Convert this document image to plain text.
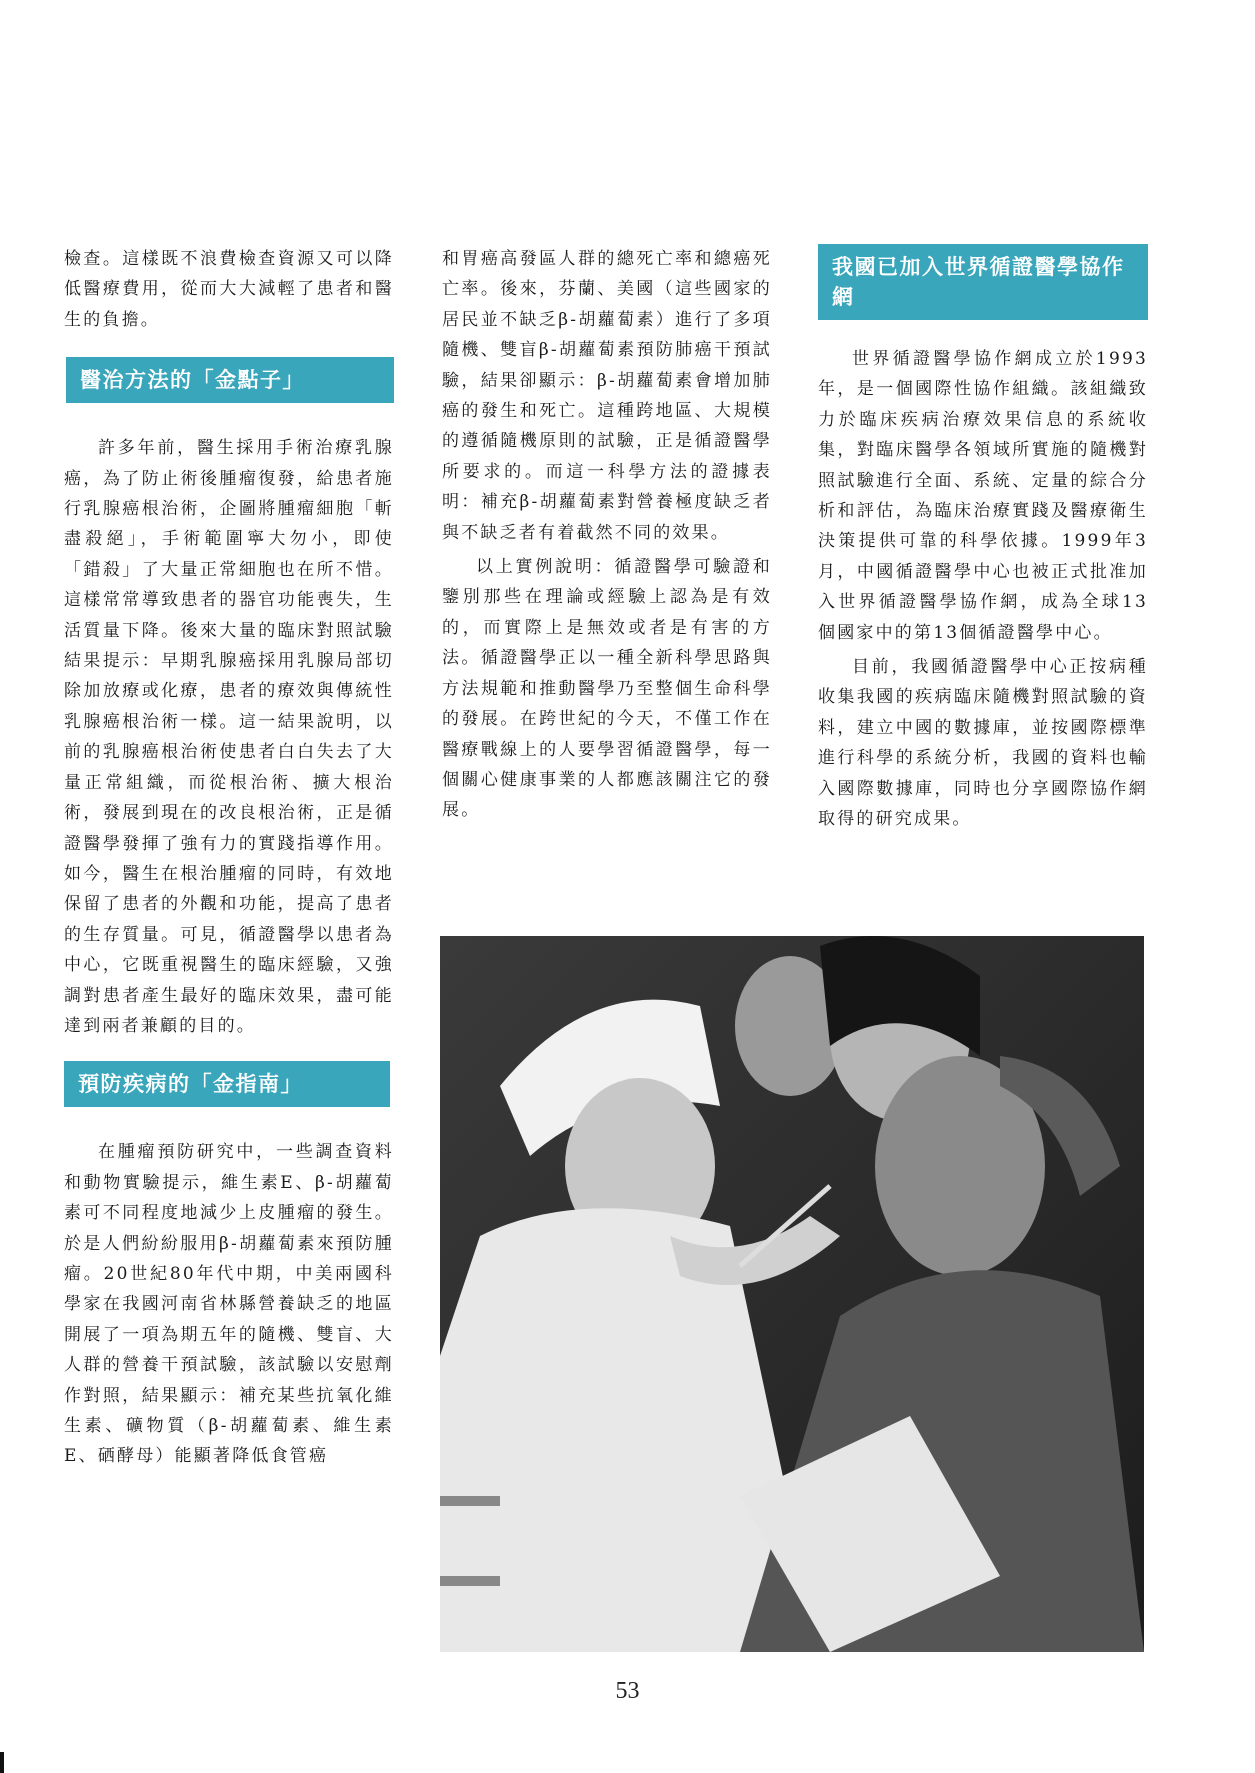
檢查。這樣既不浪費檢查資源又可以降低醫療費用，從而大大減輕了患者和醫生的負擔。

醫治方法的「金點子」

許多年前，醫生採用手術治療乳腺癌，為了防止術後腫瘤復發，給患者施行乳腺癌根治術，企圖將腫瘤細胞「斬盡殺絕」，手術範圍寧大勿小，即使「錯殺」了大量正常細胞也在所不惜。這樣常常導致患者的器官功能喪失，生活質量下降。後來大量的臨床對照試驗結果提示：早期乳腺癌採用乳腺局部切除加放療或化療，患者的療效與傳統性乳腺癌根治術一樣。這一結果說明，以前的乳腺癌根治術使患者白白失去了大量正常組織，而從根治術、擴大根治術，發展到現在的改良根治術，正是循證醫學發揮了強有力的實踐指導作用。如今，醫生在根治腫瘤的同時，有效地保留了患者的外觀和功能，提高了患者的生存質量。可見，循證醫學以患者為中心，它既重視醫生的臨床經驗，又強調對患者產生最好的臨床效果，盡可能達到兩者兼顧的目的。

預防疾病的「金指南」

在腫瘤預防研究中，一些調查資料和動物實驗提示，維生素E、β-胡蘿蔔素可不同程度地減少上皮腫瘤的發生。於是人們紛紛服用β-胡蘿蔔素來預防腫瘤。20世紀80年代中期，中美兩國科學家在我國河南省林縣營養缺乏的地區開展了一項為期五年的隨機、雙盲、大人群的營養干預試驗，該試驗以安慰劑作對照，結果顯示：補充某些抗氧化維生素、礦物質（β-胡蘿蔔素、維生素E、硒酵母）能顯著降低食管癌

和胃癌高發區人群的總死亡率和總癌死亡率。後來，芬蘭、美國（這些國家的居民並不缺乏β-胡蘿蔔素）進行了多項隨機、雙盲β-胡蘿蔔素預防肺癌干預試驗，結果卻顯示：β-胡蘿蔔素會增加肺癌的發生和死亡。這種跨地區、大規模的遵循隨機原則的試驗，正是循證醫學所要求的。而這一科學方法的證據表明：補充β-胡蘿蔔素對營養極度缺乏者與不缺乏者有着截然不同的效果。

以上實例說明：循證醫學可驗證和鑒別那些在理論或經驗上認為是有效的，而實際上是無效或者是有害的方法。循證醫學正以一種全新科學思路與方法規範和推動醫學乃至整個生命科學的發展。在跨世紀的今天，不僅工作在醫療戰線上的人要學習循證醫學，每一個關心健康事業的人都應該關注它的發展。

我國已加入世界循證醫學協作網

世界循證醫學協作網成立於1993年，是一個國際性協作組織。該組織致力於臨床疾病治療效果信息的系統收集，對臨床醫學各領域所實施的隨機對照試驗進行全面、系統、定量的綜合分析和評估，為臨床治療實踐及醫療衛生決策提供可靠的科學依據。1999年3月，中國循證醫學中心也被正式批准加入世界循證醫學協作網，成為全球13個國家中的第13個循證醫學中心。

目前，我國循證醫學中心正按病種收集我國的疾病臨床隨機對照試驗的資料，建立中國的數據庫，並按國際標準進行科學的系統分析，我國的資料也輸入國際數據庫，同時也分享國際協作網取得的研究成果。

53
